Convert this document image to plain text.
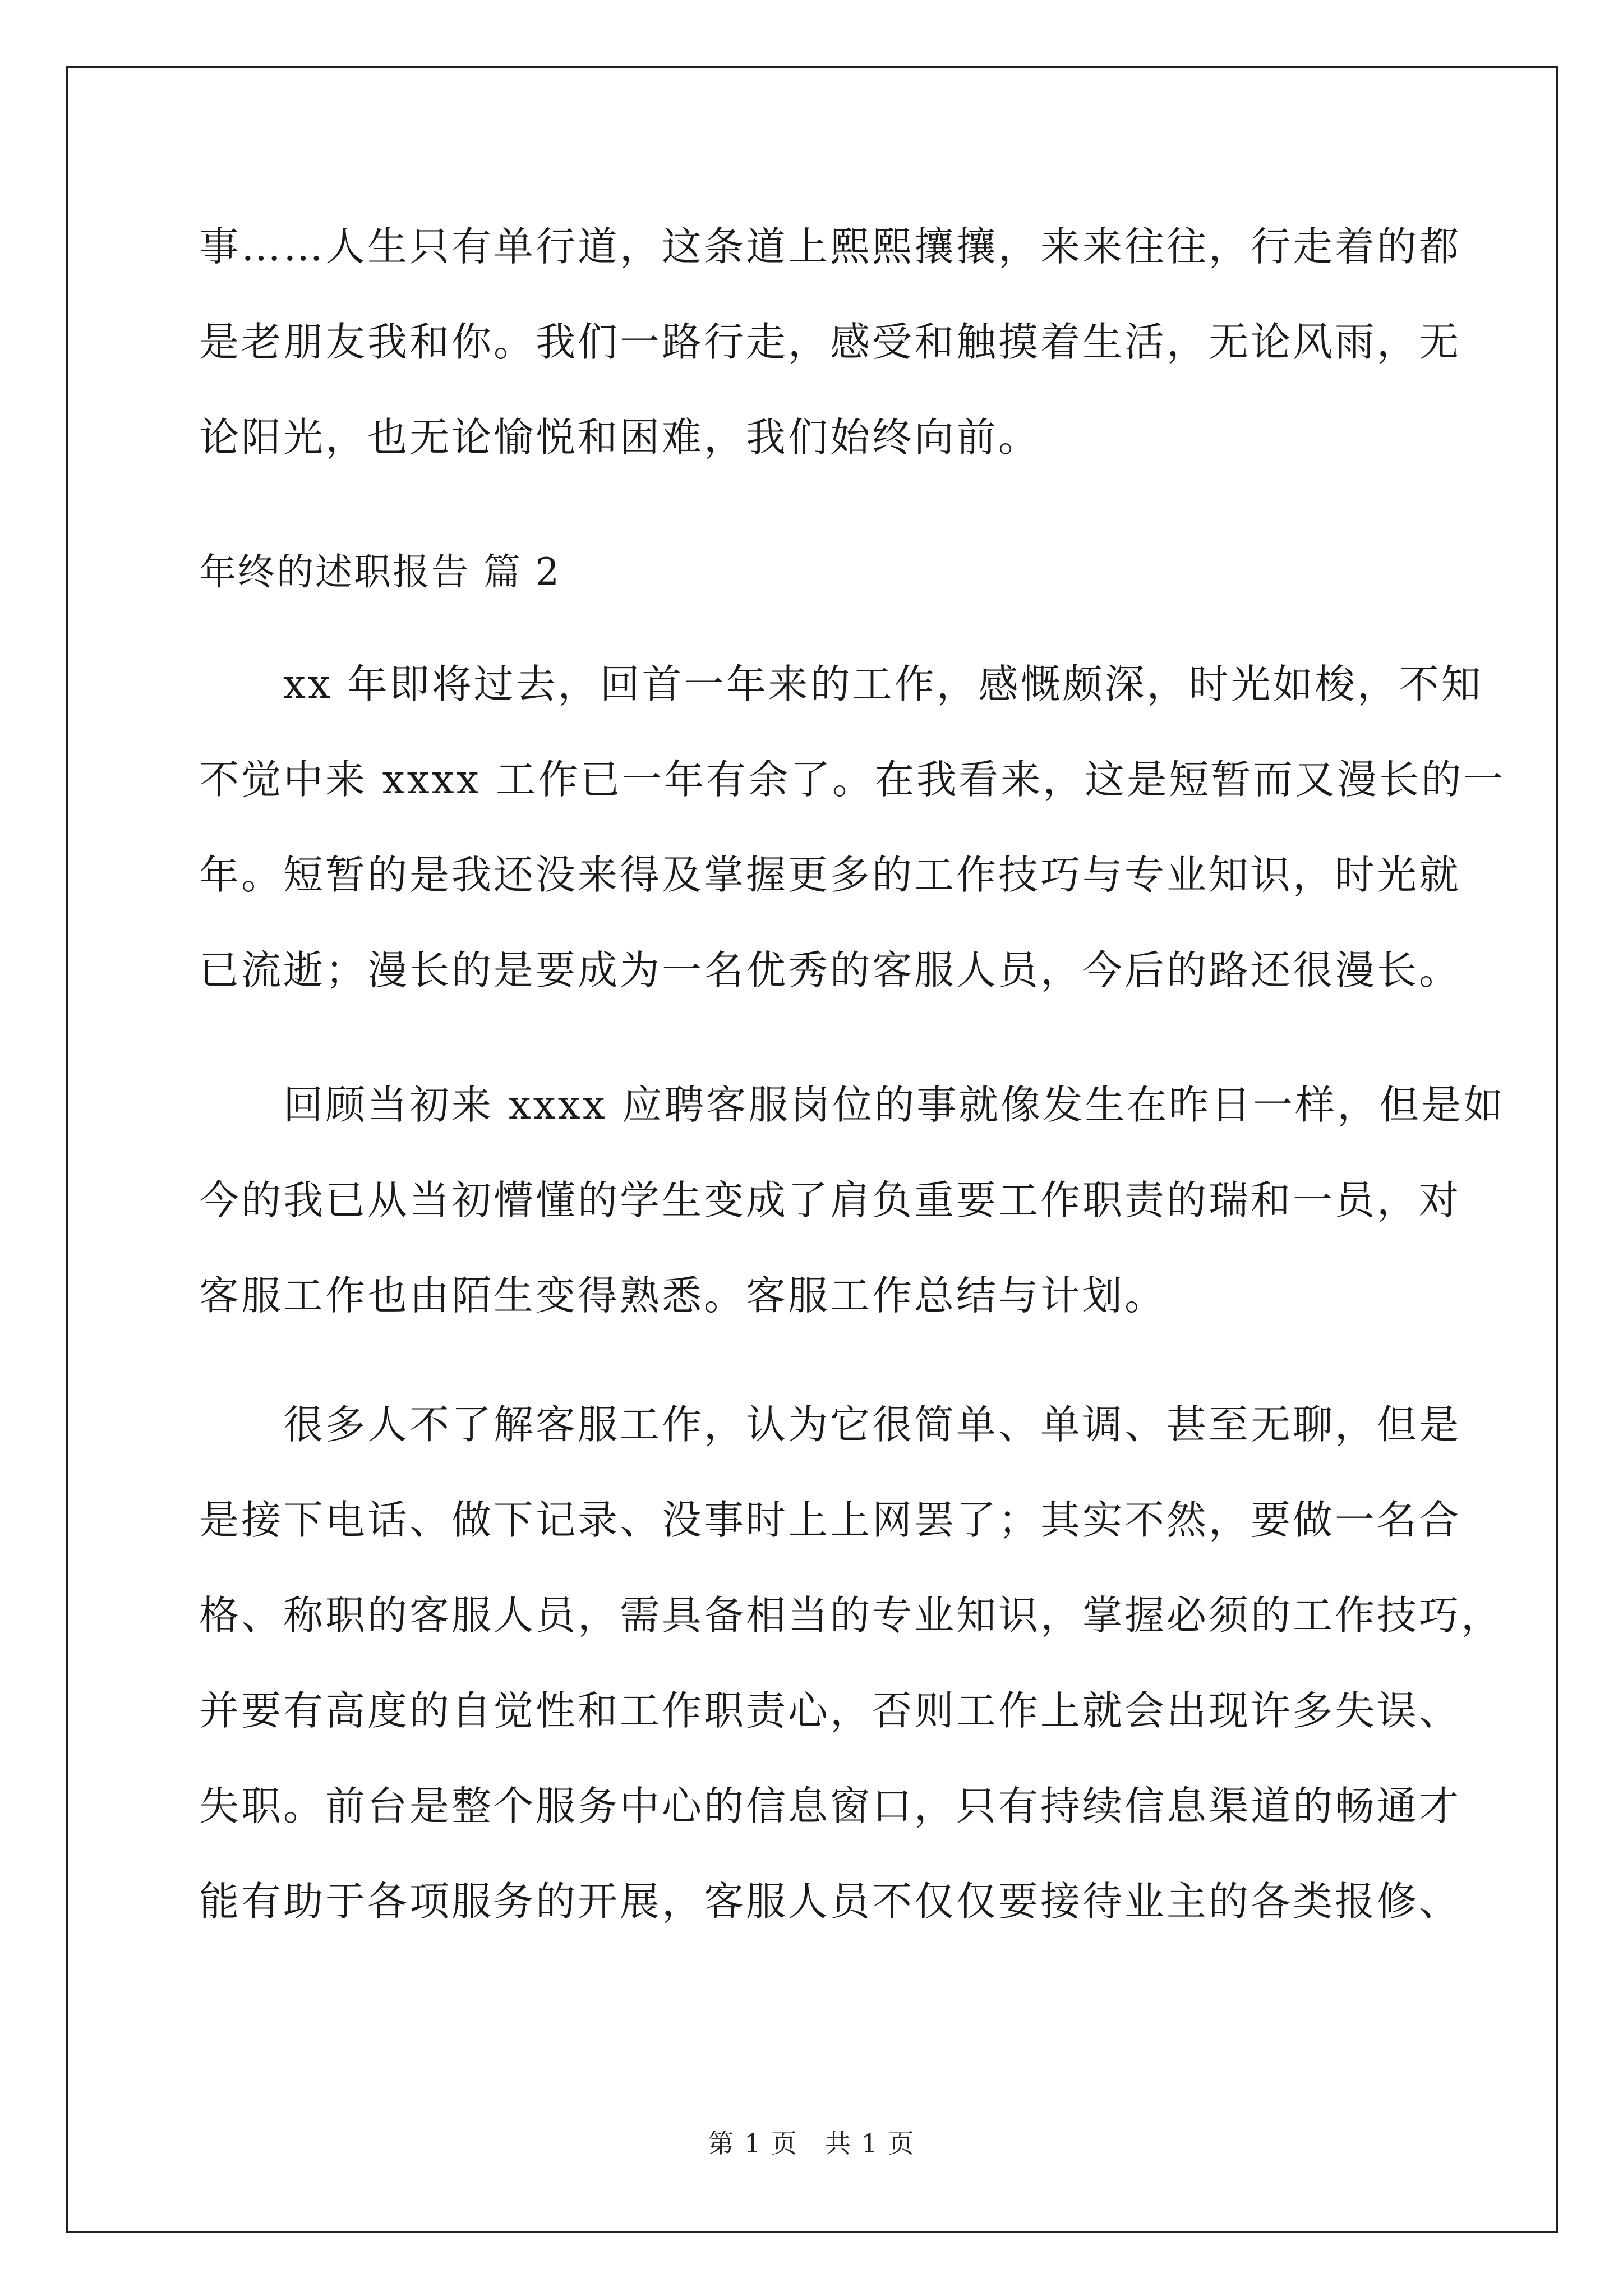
事……人生只有单行道，这条道上熙熙攘攘，来来往往，行走着的都
是老朋友我和你。我们一路行走，感受和触摸着生活，无论风雨，无
论阳光，也无论愉悦和困难，我们始终向前。
年终的述职报告 篇 2
xx 年即将过去，回首一年来的工作，感慨颇深，时光如梭，不知
不觉中来 xxxx 工作已一年有余了。在我看来，这是短暂而又漫长的一
年。短暂的是我还没来得及掌握更多的工作技巧与专业知识，时光就
已流逝；漫长的是要成为一名优秀的客服人员，今后的路还很漫长。
回顾当初来 xxxx 应聘客服岗位的事就像发生在昨日一样，但是如
今的我已从当初懵懂的学生变成了肩负重要工作职责的瑞和一员，对
客服工作也由陌生变得熟悉。客服工作总结与计划。
很多人不了解客服工作，认为它很简单、单调、甚至无聊，但是
是接下电话、做下记录、没事时上上网罢了；其实不然，要做一名合
格、称职的客服人员，需具备相当的专业知识，掌握必须的工作技巧，
并要有高度的自觉性和工作职责心，否则工作上就会出现许多失误、
失职。前台是整个服务中心的信息窗口，只有持续信息渠道的畅通才
能有助于各项服务的开展，客服人员不仅仅要接待业主的各类报修、
第 1 页　共 1 页
